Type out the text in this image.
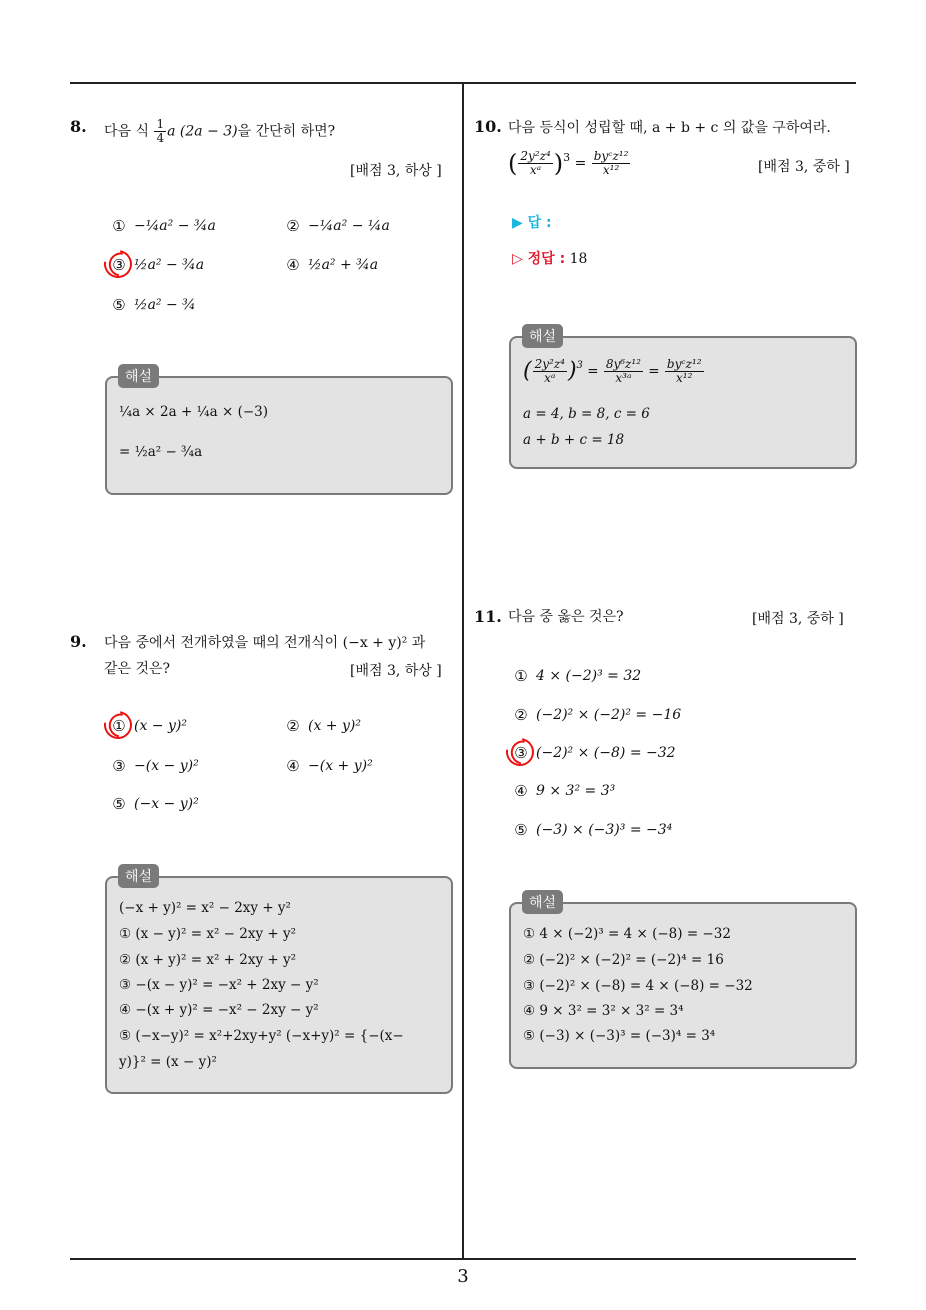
3
8. 다음 식 $\frac{1}{4}$ a (2a − 3)을 간단히 하면?
[배점 3, 하상 ]
① −¼a² − ¾a	② −¼a² − ¼a
③ ½a² − ¾a	④ ½a² + ¾a
⑤ ½a² − ¾
¼a × 2a + ¼a × (−3)
= ½a² − ¾a
해설
9. 다음 중에서 전개하였을 때의 전개식이 (−x + y)² 과
같은 것은?	[배점 3, 하상 ]
① (x − y)²	② (x + y)²
③ −(x − y)²	④ −(x + y)²
⑤ (−x − y)²
(−x + y)² = x² − 2xy + y²
① (x − y)² = x² − 2xy + y²
② (x + y)² = x² + 2xy + y²
③ −(x − y)² = −x² + 2xy − y²
④ −(x + y)² = −x² − 2xy − y²
⑤ (−x−y)² = x²+2xy+y² (−x+y)² = {−(x−
y)}² = (x − y)²
해설
10. 다음 등식이 성립할 때, a + b + c 의 값을 구하여라.
( $\frac{\text{2y²z⁴}}{\text{xᵃ}} )^3 = \frac{\text{byᶜz¹²}}{\text{x¹²}}$	[배점 3, 중하 ]
▶ 답 :
▷ 정답 : 18
( $\frac{\text{2y²z⁴}}{\text{xᵃ}} )^3 = \frac{\text{8y⁶z¹²}}{\text{x³ᵃ}} = \frac{\text{byᶜz¹²}}{\text{x¹²}}$
a = 4, b = 8, c = 6
a + b + c = 18
해설
11. 다음 중 옳은 것은?	[배점 3, 중하 ]
① 4 × (−2)³ = 32
② (−2)² × (−2)² = −16
③ (−2)² × (−8) = −32
④ 9 × 3² = 3³
⑤ (−3) × (−3)³ = −3⁴
① 4 × (−2)³ = 4 × (−8) = −32
② (−2)² × (−2)² = (−2)⁴ = 16
③ (−2)² × (−8) = 4 × (−8) = −32
④ 9 × 3² = 3² × 3² = 3⁴
⑤ (−3) × (−3)³ = (−3)⁴ = 3⁴
해설
